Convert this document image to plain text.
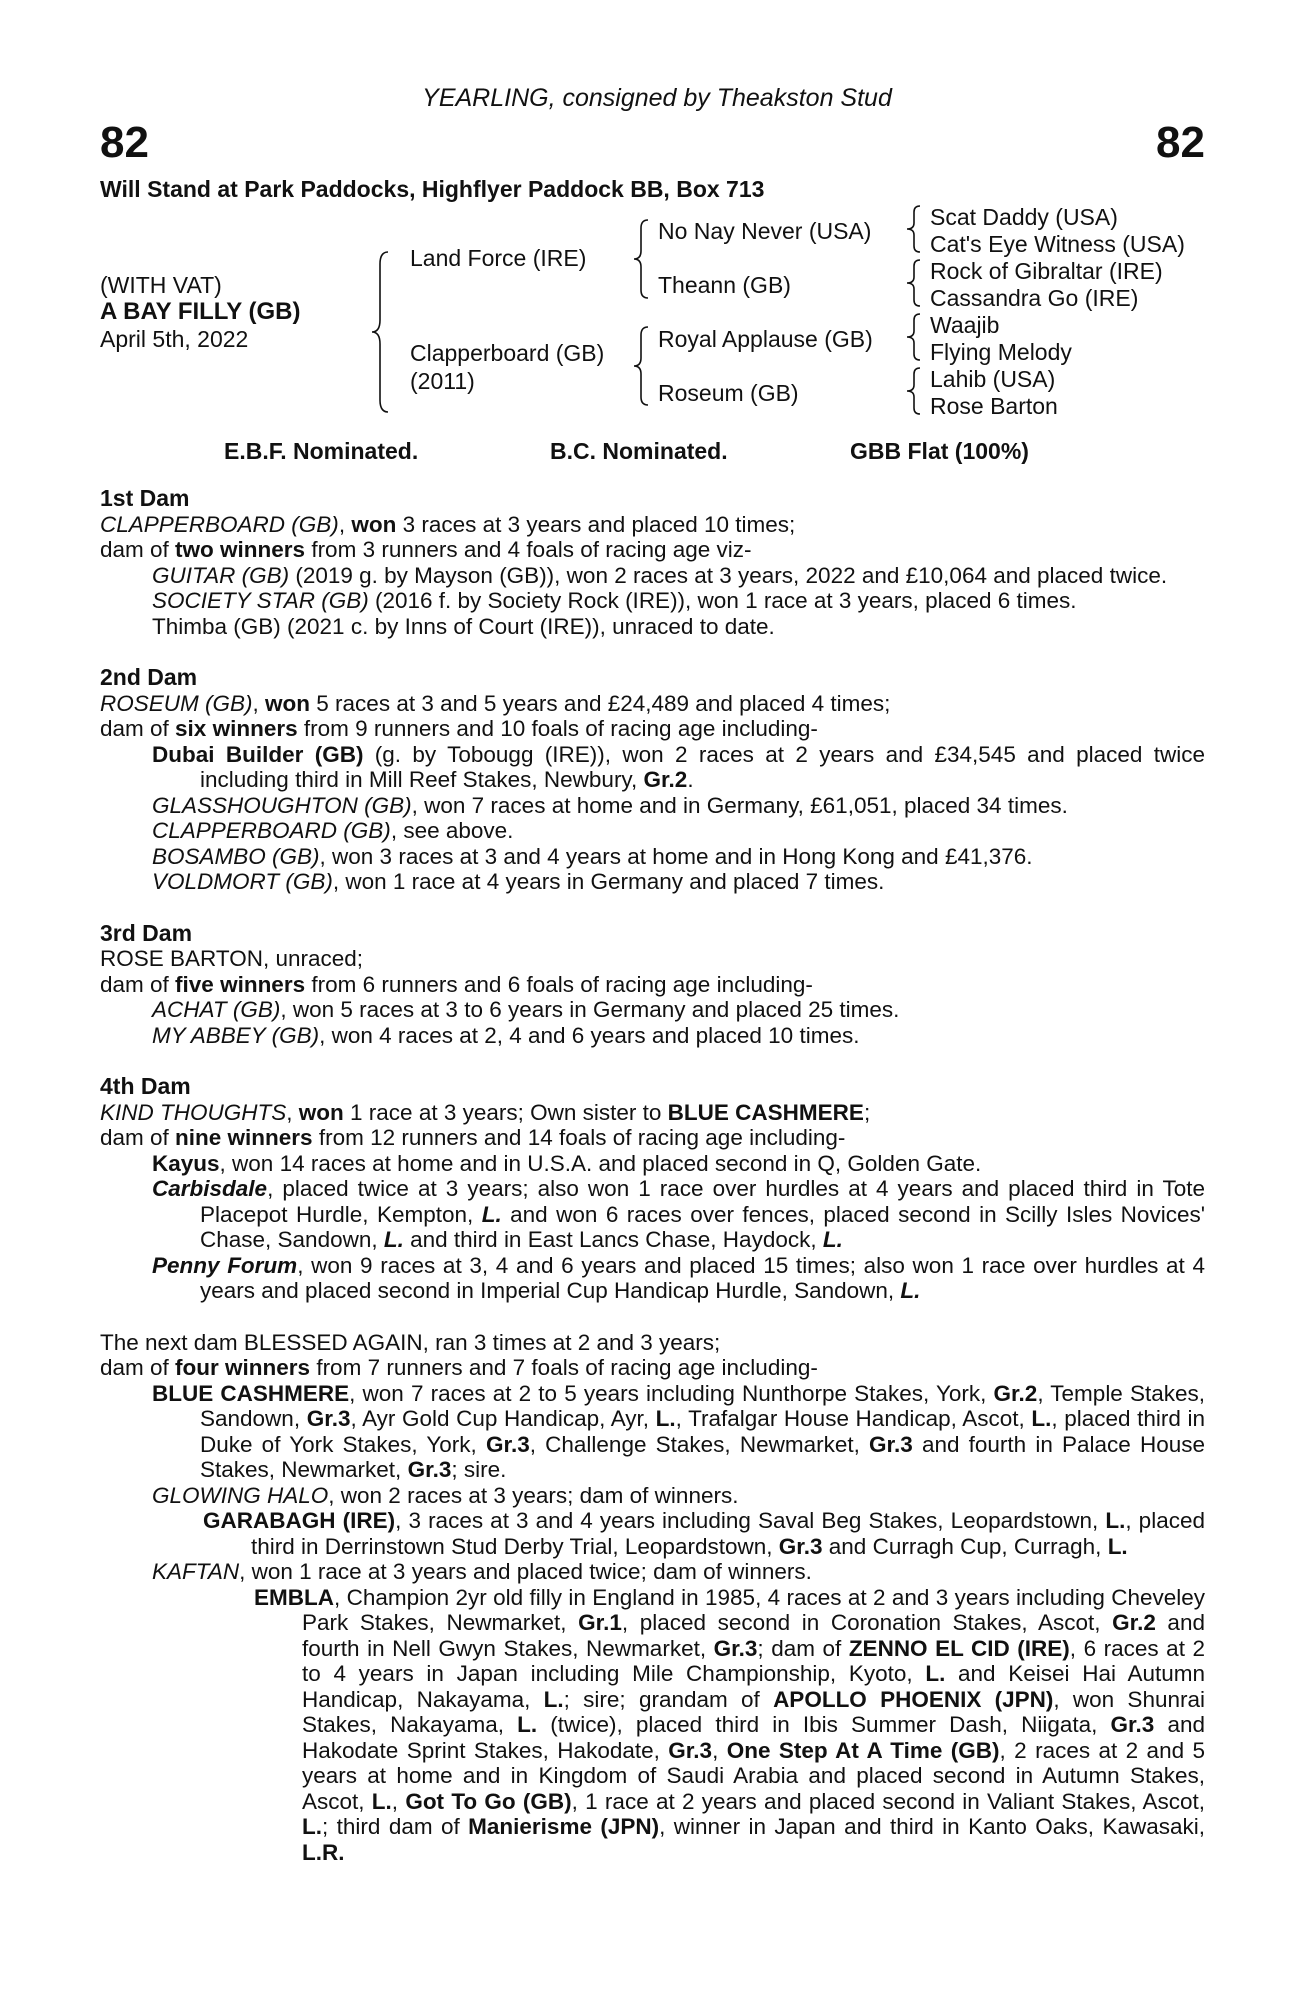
YEARLING, consigned by Theakston Stud
82	82
Will Stand at Park Paddocks, Highflyer Paddock BB, Box 713
(WITH VAT)
A BAY FILLY (GB)
April 5th, 2022
Land Force (IRE)
Clapperboard (GB)
(2011)
No Nay Never (USA)
Theann (GB)
Royal Applause (GB)
Roseum (GB)
Scat Daddy (USA)
Cat's Eye Witness (USA)
Rock of Gibraltar (IRE)
Cassandra Go (IRE)
Waajib
Flying Melody
Lahib (USA)
Rose Barton
E.B.F. Nominated.	B.C. Nominated.	GBB Flat (100%)

1st Dam

CLAPPERBOARD (GB), won 3 races at 3 years and placed 10 times;

dam of two winners from 3 runners and 4 foals of racing age viz-

GUITAR (GB) (2019 g. by Mayson (GB)), won 2 races at 3 years, 2022 and £10,064 and placed twice.

SOCIETY STAR (GB) (2016 f. by Society Rock (IRE)), won 1 race at 3 years, placed 6 times.

Thimba (GB) (2021 c. by Inns of Court (IRE)), unraced to date.

2nd Dam

ROSEUM (GB), won 5 races at 3 and 5 years and £24,489 and placed 4 times;

dam of six winners from 9 runners and 10 foals of racing age including-

Dubai Builder (GB) (g. by Tobougg (IRE)), won 2 races at 2 years and £34,545 and placed twice including third in Mill Reef Stakes, Newbury, Gr.2.

GLASSHOUGHTON (GB), won 7 races at home and in Germany, £61,051, placed 34 times.

CLAPPERBOARD (GB), see above.

BOSAMBO (GB), won 3 races at 3 and 4 years at home and in Hong Kong and £41,376.

VOLDMORT (GB), won 1 race at 4 years in Germany and placed 7 times.

3rd Dam

ROSE BARTON, unraced;

dam of five winners from 6 runners and 6 foals of racing age including-

ACHAT (GB), won 5 races at 3 to 6 years in Germany and placed 25 times.

MY ABBEY (GB), won 4 races at 2, 4 and 6 years and placed 10 times.

4th Dam

KIND THOUGHTS, won 1 race at 3 years; Own sister to BLUE CASHMERE;

dam of nine winners from 12 runners and 14 foals of racing age including-

Kayus, won 14 races at home and in U.S.A. and placed second in Q, Golden Gate.

Carbisdale, placed twice at 3 years; also won 1 race over hurdles at 4 years and placed third in Tote Placepot Hurdle, Kempton, L. and won 6 races over fences, placed second in Scilly Isles Novices' Chase, Sandown, L. and third in East Lancs Chase, Haydock, L.

Penny Forum, won 9 races at 3, 4 and 6 years and placed 15 times; also won 1 race over hurdles at 4 years and placed second in Imperial Cup Handicap Hurdle, Sandown, L.

The next dam BLESSED AGAIN, ran 3 times at 2 and 3 years;

dam of four winners from 7 runners and 7 foals of racing age including-

BLUE CASHMERE, won 7 races at 2 to 5 years including Nunthorpe Stakes, York, Gr.2, Temple Stakes, Sandown, Gr.3, Ayr Gold Cup Handicap, Ayr, L., Trafalgar House Handicap, Ascot, L., placed third in Duke of York Stakes, York, Gr.3, Challenge Stakes, Newmarket, Gr.3 and fourth in Palace House Stakes, Newmarket, Gr.3; sire.

GLOWING HALO, won 2 races at 3 years; dam of winners.

GARABAGH (IRE), 3 races at 3 and 4 years including Saval Beg Stakes, Leopardstown, L., placed third in Derrinstown Stud Derby Trial, Leopardstown, Gr.3 and Curragh Cup, Curragh, L.

KAFTAN, won 1 race at 3 years and placed twice; dam of winners.

EMBLA, Champion 2yr old filly in England in 1985, 4 races at 2 and 3 years including Cheveley Park Stakes, Newmarket, Gr.1, placed second in Coronation Stakes, Ascot, Gr.2 and fourth in Nell Gwyn Stakes, Newmarket, Gr.3; dam of ZENNO EL CID (IRE), 6 races at 2 to 4 years in Japan including Mile Championship, Kyoto, L. and Keisei Hai Autumn Handicap, Nakayama, L.; sire; grandam of APOLLO PHOENIX (JPN), won Shunrai Stakes, Nakayama, L. (twice), placed third in Ibis Summer Dash, Niigata, Gr.3 and Hakodate Sprint Stakes, Hakodate, Gr.3, One Step At A Time (GB), 2 races at 2 and 5 years at home and in Kingdom of Saudi Arabia and placed second in Autumn Stakes, Ascot, L., Got To Go (GB), 1 race at 2 years and placed second in Valiant Stakes, Ascot, L.; third dam of Manierisme (JPN), winner in Japan and third in Kanto Oaks, Kawasaki, L.R.
